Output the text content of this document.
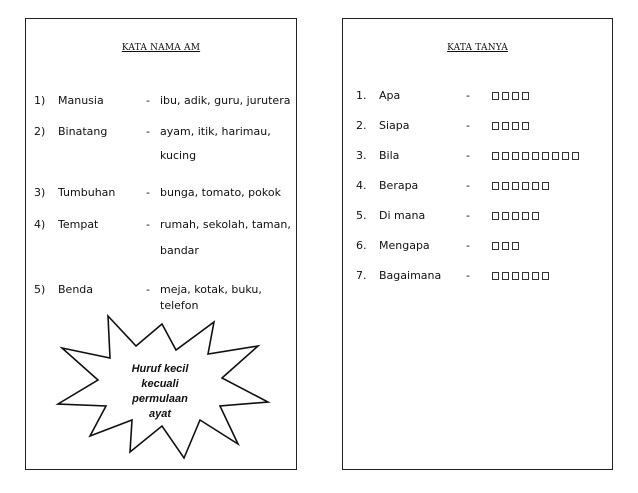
KATA NAMA AM
1) Manusia	- ibu, adik, guru, jurutera
2) Binatang	- ayam, itik, harimau,
kucing
3) Tumbuhan	- bunga, tomato, pokok
4) Tempat	- rumah, sekolah, taman,
bandar
5) Benda	- meja, kotak, buku,
telefon
Huruf kecil
kecuali
permulaan
ayat
KATA TANYA
1. Apa	-
2. Siapa	-
3. Bila	-
4. Berapa	-
5. Di mana	-
6. Mengapa	-
7. Bagaimana -
